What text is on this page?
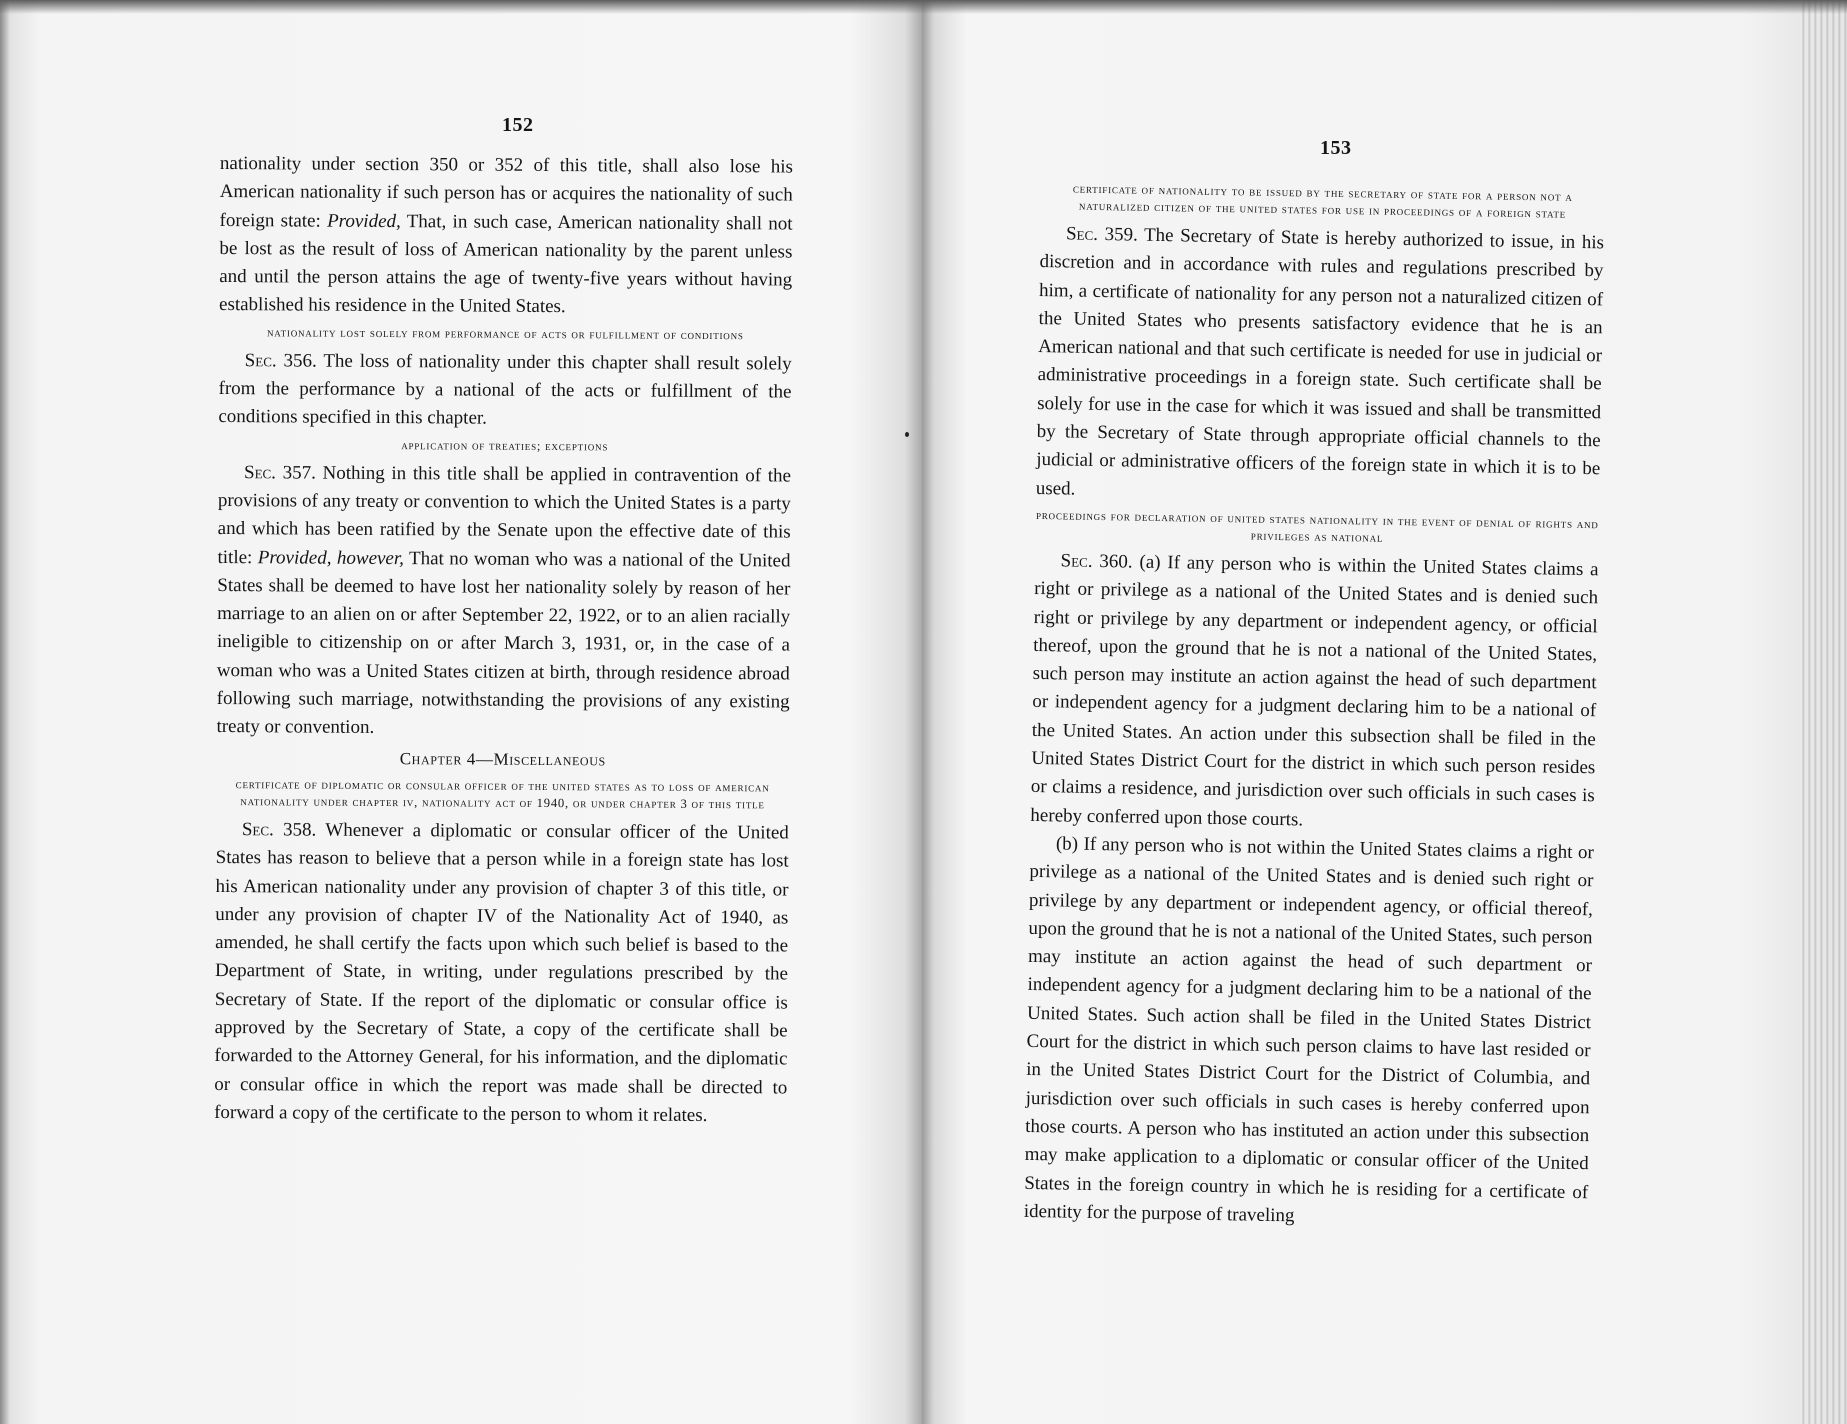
152

nationality under section 350 or 352 of this title, shall also lose his American nationality if such person has or acquires the nationality of such foreign state: Provided, That, in such case, American nationality shall not be lost as the result of loss of American nationality by the parent unless and until the person attains the age of twenty-five years without having established his residence in the United States.

nationality lost solely from performance of acts or fulfillment of conditions

Sec. 356. The loss of nationality under this chapter shall result solely from the performance by a national of the acts or fulfillment of the conditions specified in this chapter.

application of treaties; exceptions

Sec. 357. Nothing in this title shall be applied in contravention of the provisions of any treaty or convention to which the United States is a party and which has been ratified by the Senate upon the effective date of this title: Provided, however, That no woman who was a national of the United States shall be deemed to have lost her nationality solely by reason of her marriage to an alien on or after September 22, 1922, or to an alien racially ineligible to citizenship on or after March 3, 1931, or, in the case of a woman who was a United States citizen at birth, through residence abroad following such marriage, notwithstanding the provisions of any existing treaty or convention.

Chapter 4—Miscellaneous
certificate of diplomatic or consular officer of the united states as to loss of american nationality under chapter iv, nationality act of 1940, or under chapter 3 of this title

Sec. 358. Whenever a diplomatic or consular officer of the United States has reason to believe that a person while in a foreign state has lost his American nationality under any provision of chapter 3 of this title, or under any provision of chapter IV of the Nationality Act of 1940, as amended, he shall certify the facts upon which such belief is based to the Department of State, in writing, under regulations prescribed by the Secretary of State. If the report of the diplomatic or consular office is approved by the Secretary of State, a copy of the certificate shall be forwarded to the Attorney General, for his information, and the diplomatic or consular office in which the report was made shall be directed to forward a copy of the certificate to the person to whom it relates.

153
certificate of nationality to be issued by the secretary of state for a person not a naturalized citizen of the united states for use in proceedings of a foreign state

Sec. 359. The Secretary of State is hereby authorized to issue, in his discretion and in accordance with rules and regulations prescribed by him, a certificate of nationality for any person not a naturalized citizen of the United States who presents satisfactory evidence that he is an American national and that such certificate is needed for use in judicial or administrative proceedings in a foreign state. Such certificate shall be solely for use in the case for which it was issued and shall be transmitted by the Secretary of State through appropriate official channels to the judicial or administrative officers of the foreign state in which it is to be used.

proceedings for declaration of united states nationality in the event of denial of rights and privileges as national

Sec. 360. (a) If any person who is within the United States claims a right or privilege as a national of the United States and is denied such right or privilege by any department or independent agency, or official thereof, upon the ground that he is not a national of the United States, such person may institute an action against the head of such department or independent agency for a judgment declaring him to be a national of the United States. An action under this subsection shall be filed in the United States District Court for the district in which such person resides or claims a residence, and jurisdiction over such officials in such cases is hereby conferred upon those courts.

(b) If any person who is not within the United States claims a right or privilege as a national of the United States and is denied such right or privilege by any department or independent agency, or official thereof, upon the ground that he is not a national of the United States, such person may institute an action against the head of such department or independent agency for a judgment declaring him to be a national of the United States. Such action shall be filed in the United States District Court for the district in which such person claims to have last resided or in the United States District Court for the District of Columbia, and jurisdiction over such officials in such cases is hereby conferred upon those courts. A person who has instituted an action under this subsection may make application to a diplomatic or consular officer of the United States in the foreign country in which he is residing for a certificate of identity for the purpose of traveling
